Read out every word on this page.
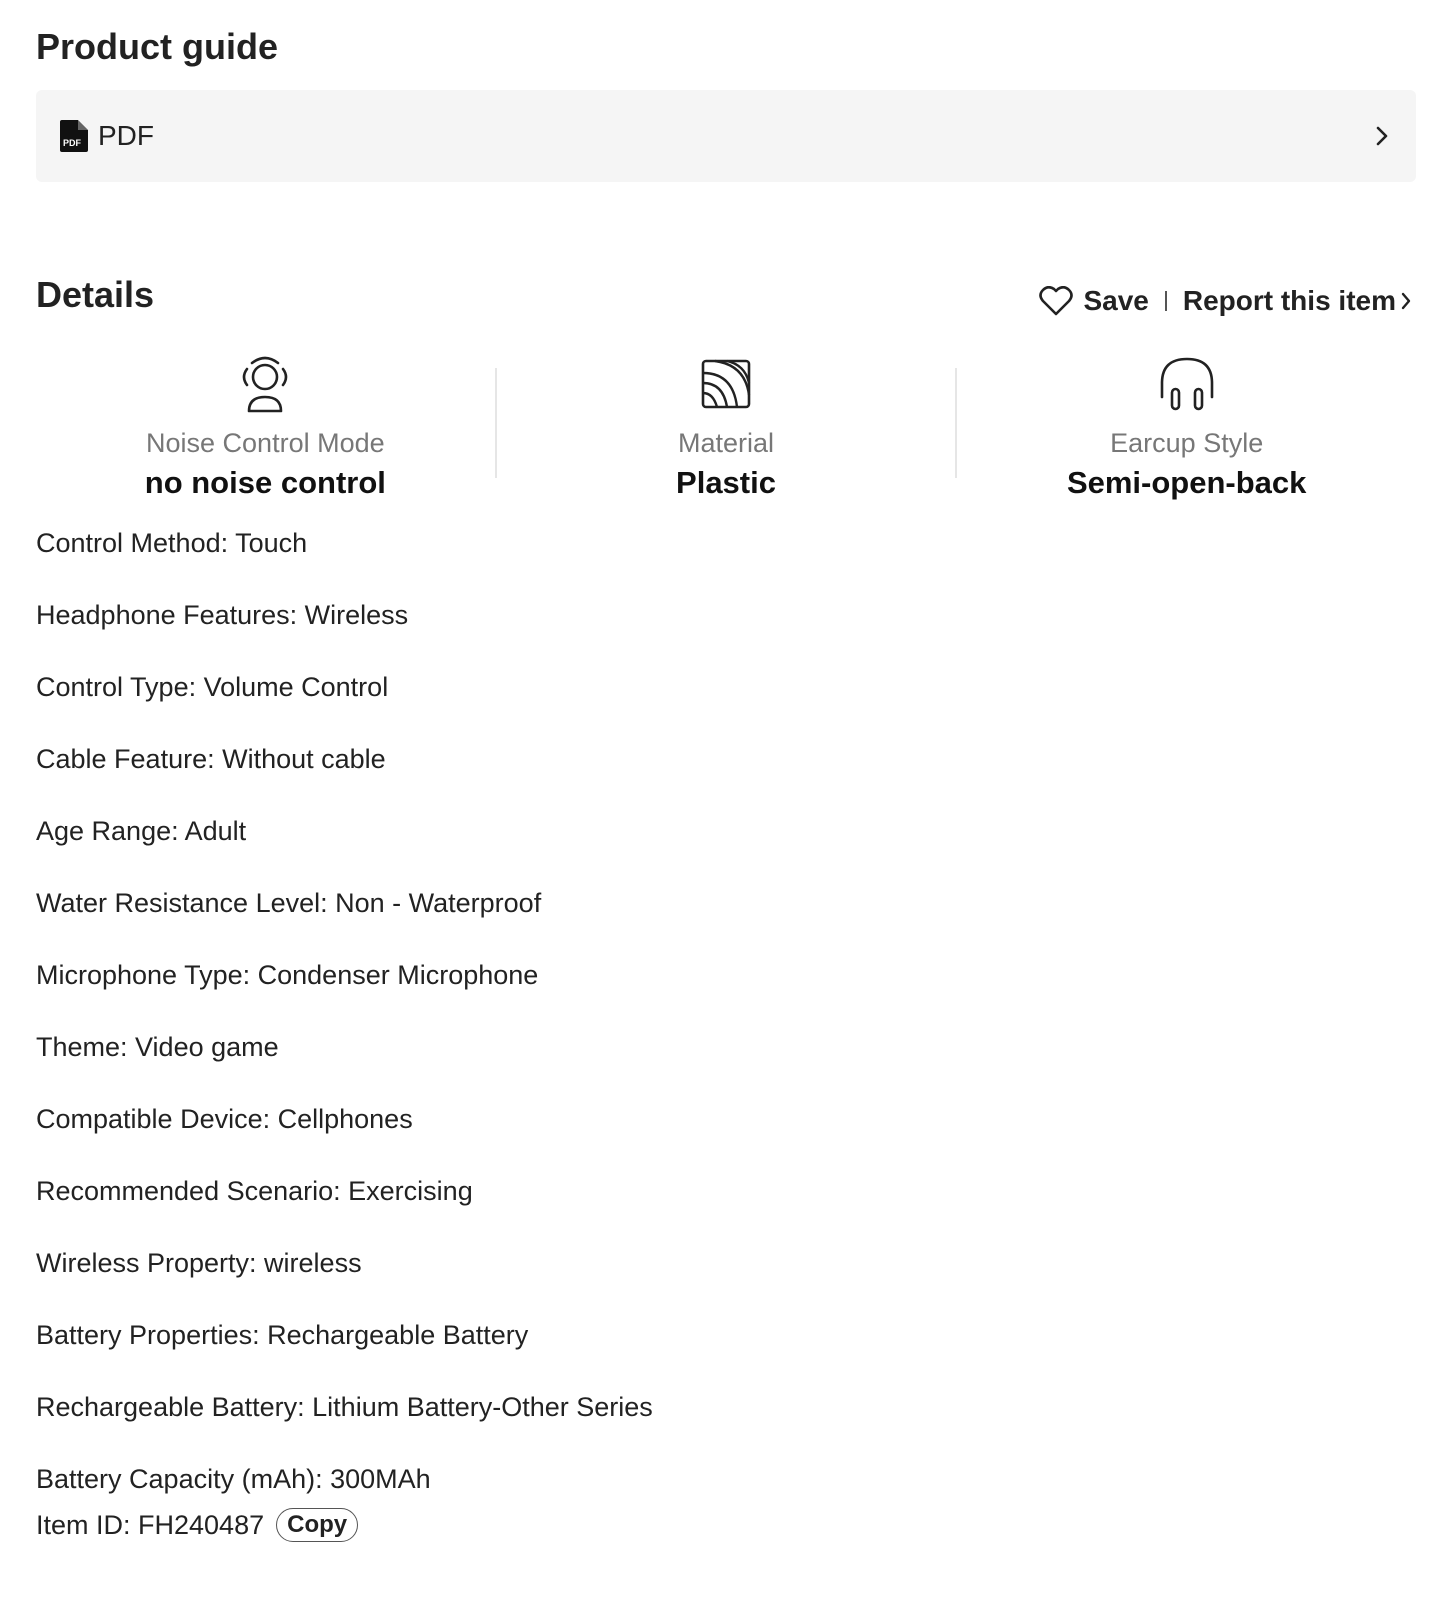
Product guide
PDF PDF
Details	Save Report this item
Noise Control Mode
no noise control
Material
Plastic
Earcup Style
Semi-open-back
Control Method: Touch
Headphone Features: Wireless
Control Type: Volume Control
Cable Feature: Without cable
Age Range: Adult
Water Resistance Level: Non - Waterproof
Microphone Type: Condenser Microphone
Theme: Video game
Compatible Device: Cellphones
Recommended Scenario: Exercising
Wireless Property: wireless
Battery Properties: Rechargeable Battery
Rechargeable Battery: Lithium Battery-Other Series
Battery Capacity (mAh): 300MAh
Item ID: FH240487 Copy
